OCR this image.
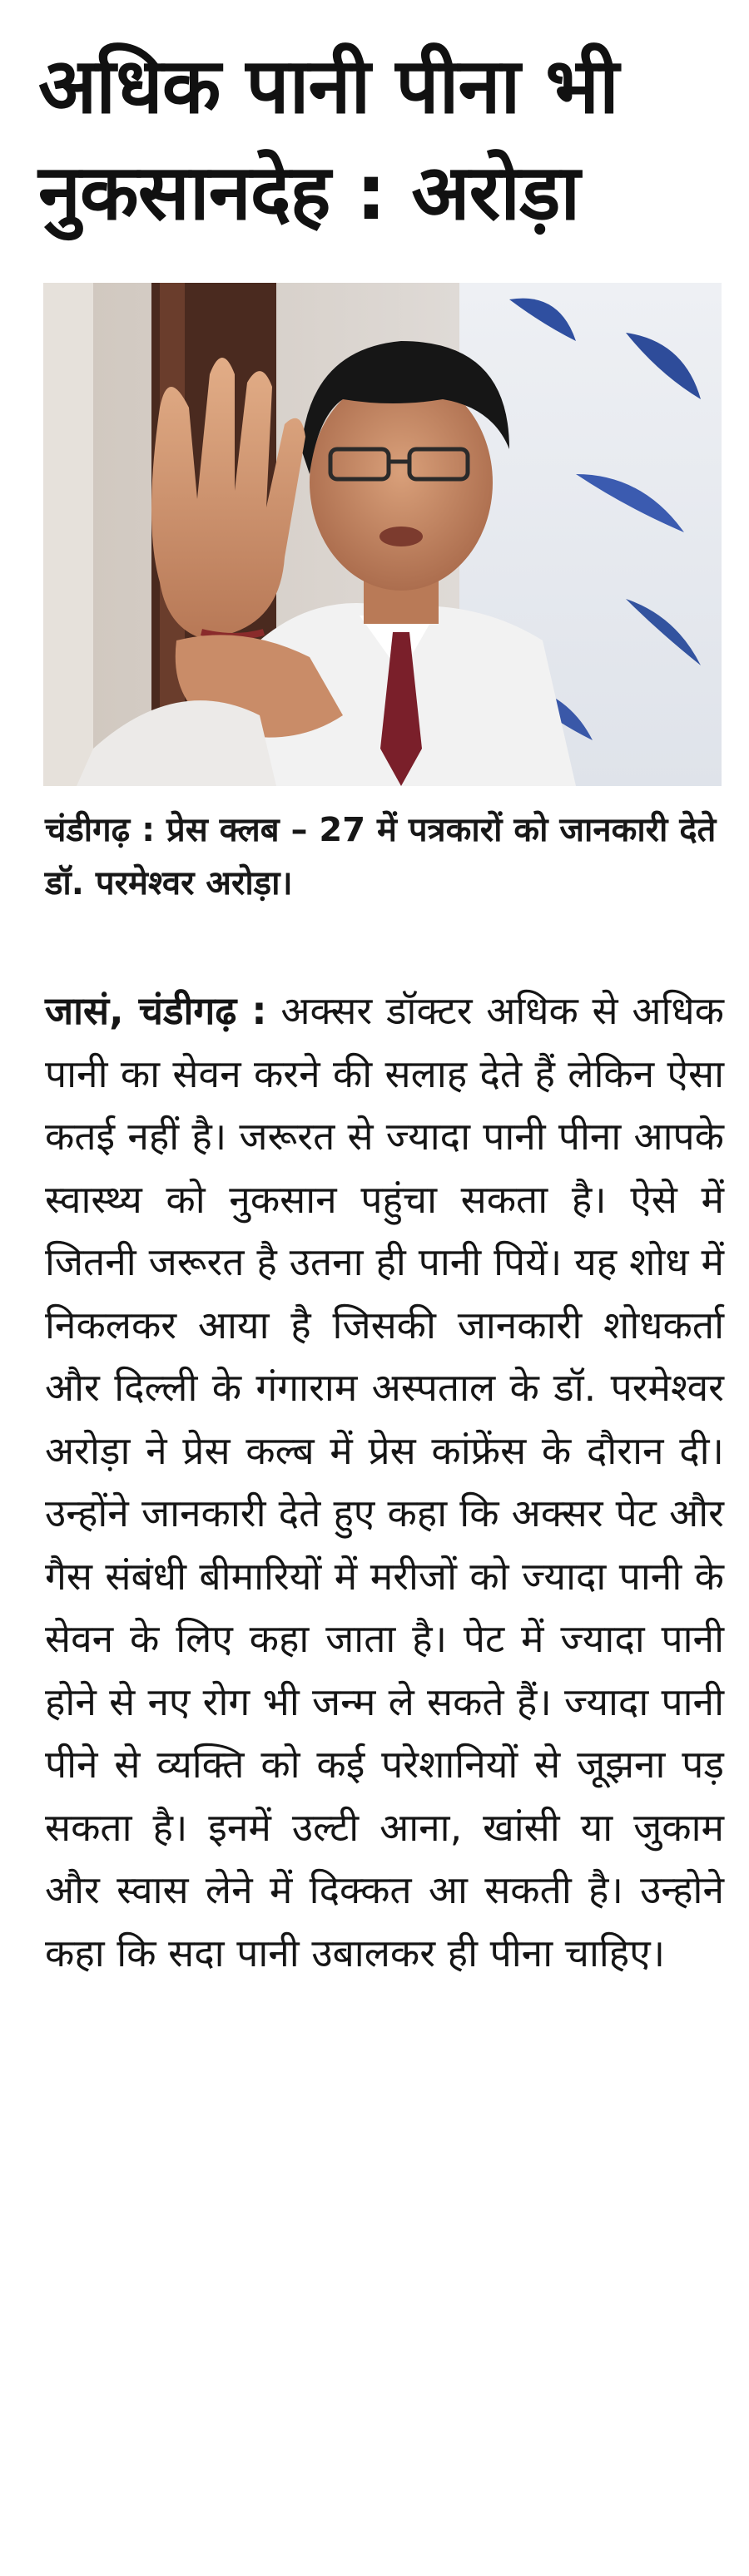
अधिक पानी पीना भी नुकसानदेह : अरोड़ा

चंडीगढ़ : प्रेस क्लब – 27 में पत्रकारों को जानकारी देते डॉ. परमेश्वर अरोड़ा।

जासं, चंडीगढ़ : अक्सर डॉक्टर अधिक से अधिक पानी का सेवन करने की सलाह देते हैं लेकिन ऐसा कतई नहीं है। जरूरत से ज्यादा पानी पीना आपके स्वास्थ्य को नुकसान पहुंचा सकता है। ऐसे में जितनी जरूरत है उतना ही पानी पियें। यह शोध में निकलकर आया है जिसकी जानकारी शोधकर्ता और दिल्ली के गंगाराम अस्पताल के डॉ. परमेश्वर अरोड़ा ने प्रेस कल्ब में प्रेस कांफ्रेंस के दौरान दी। उन्होंने जानकारी देते हुए कहा कि अक्सर पेट और गैस संबंधी बीमारियों में मरीजों को ज्यादा पानी के सेवन के लिए कहा जाता है। पेट में ज्यादा पानी होने से नए रोग भी जन्म ले सकते हैं। ज्यादा पानी पीने से व्यक्ति को कई परेशानियों से जूझना पड़ सकता है। इनमें उल्टी आना, खांसी या जुकाम और स्वास लेने में दिक्कत आ सकती है। उन्होने कहा कि सदा पानी उबालकर ही पीना चाहिए।
